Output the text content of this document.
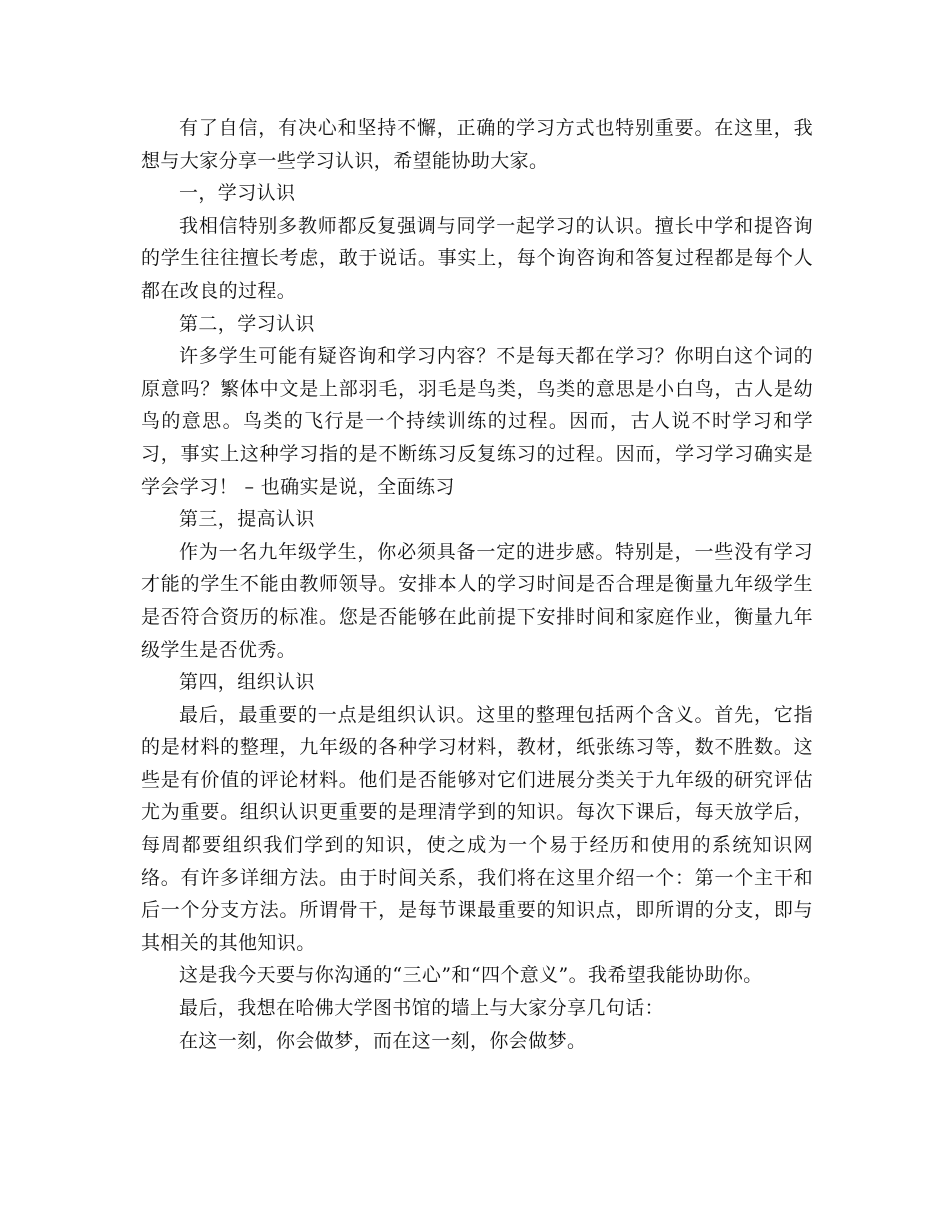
有了自信，有决心和坚持不懈，正确的学习方式也特别重要。在这里，我想与大家分享一些学习认识，希望能协助大家。

一，学习认识

我相信特别多教师都反复强调与同学一起学习的认识。擅长中学和提咨询的学生往往擅长考虑，敢于说话。事实上，每个询咨询和答复过程都是每个人都在改良的过程。

第二，学习认识

许多学生可能有疑咨询和学习内容？不是每天都在学习？你明白这个词的原意吗？繁体中文是上部羽毛，羽毛是鸟类，鸟类的意思是小白鸟，古人是幼鸟的意思。鸟类的飞行是一个持续训练的过程。因而，古人说不时学习和学习，事实上这种学习指的是不断练习反复练习的过程。因而，学习学习确实是学会学习！ – 也确实是说，全面练习

第三，提高认识

作为一名九年级学生，你必须具备一定的进步感。特别是，一些没有学习才能的学生不能由教师领导。安排本人的学习时间是否合理是衡量九年级学生是否符合资历的标准。您是否能够在此前提下安排时间和家庭作业，衡量九年级学生是否优秀。

第四，组织认识

最后，最重要的一点是组织认识。这里的整理包括两个含义。首先，它指的是材料的整理，九年级的各种学习材料，教材，纸张练习等，数不胜数。这些是有价值的评论材料。他们是否能够对它们进展分类关于九年级的研究评估尤为重要。组织认识更重要的是理清学到的知识。每次下课后，每天放学后，每周都要组织我们学到的知识，使之成为一个易于经历和使用的系统知识网络。有许多详细方法。由于时间关系，我们将在这里介绍一个：第一个主干和后一个分支方法。所谓骨干，是每节课最重要的知识点，即所谓的分支，即与其相关的其他知识。

这是我今天要与你沟通的“三心”和“四个意义”。我希望我能协助你。

最后，我想在哈佛大学图书馆的墙上与大家分享几句话：

在这一刻，你会做梦，而在这一刻，你会做梦。
